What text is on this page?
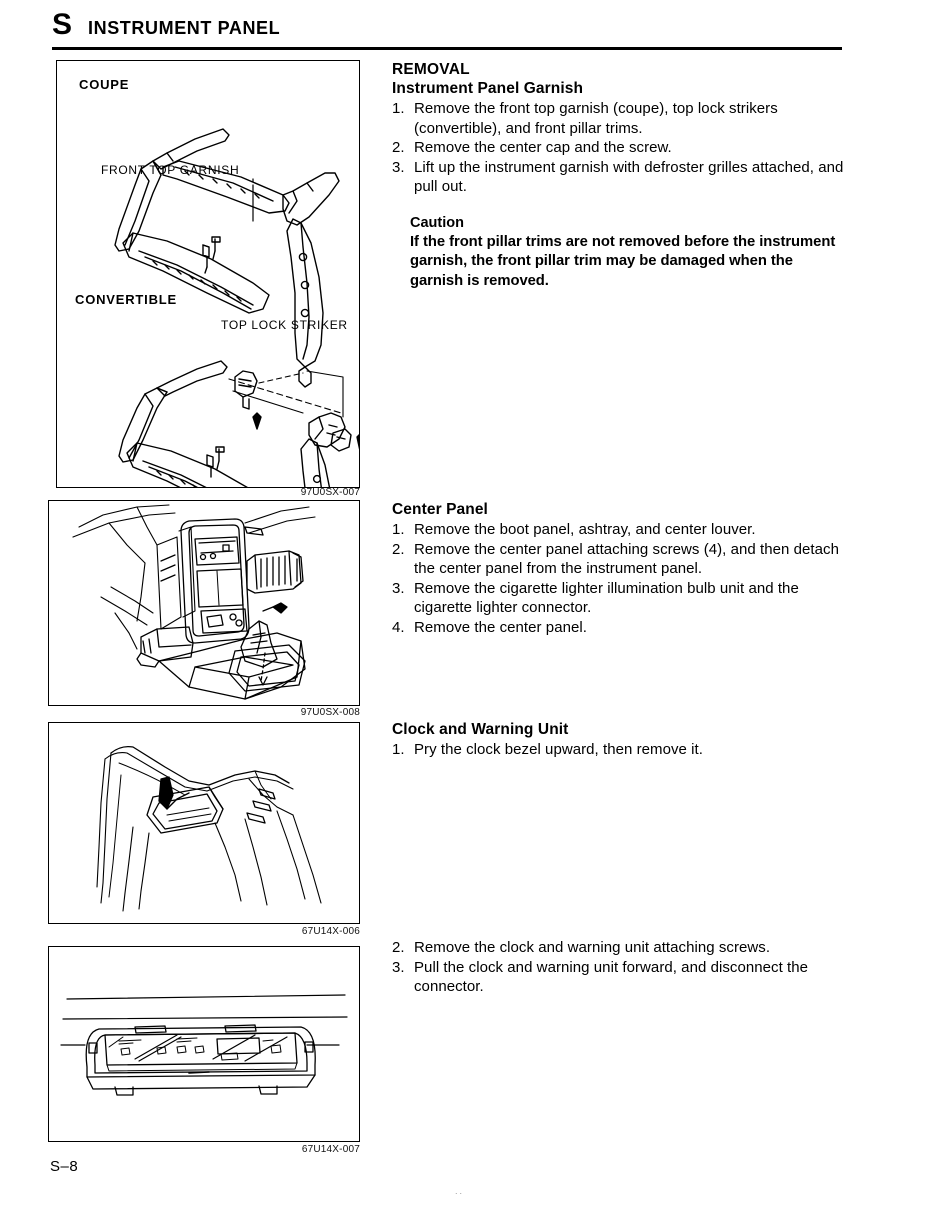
S INSTRUMENT PANEL
COUPE
CONVERTIBLE
FRONT TOP GARNISH
TOP LOCK STRIKER
97U0SX-007
97U0SX-008
67U14X-006
67U14X-007
REMOVAL
Instrument Panel Garnish
1. Remove the front top garnish (coupe), top lock strikers (convertible), and front pillar trims.
2. Remove the center cap and the screw.
3. Lift up the instrument garnish with defroster grilles attached, and pull out.
Caution
If the front pillar trims are not removed before the instrument garnish, the front pillar trim may be damaged when the garnish is removed.
Center Panel
1. Remove the boot panel, ashtray, and center louver.
2. Remove the center panel attaching screws (4), and then detach the center panel from the instrument panel.
3. Remove the cigarette lighter illumination bulb unit and the cigarette lighter connector.
4. Remove the center panel.
Clock and Warning Unit
1. Pry the clock bezel upward, then remove it.
2. Remove the clock and warning unit attaching screws.
3. Pull the clock and warning unit forward, and disconnect the connector.
S–8
..
